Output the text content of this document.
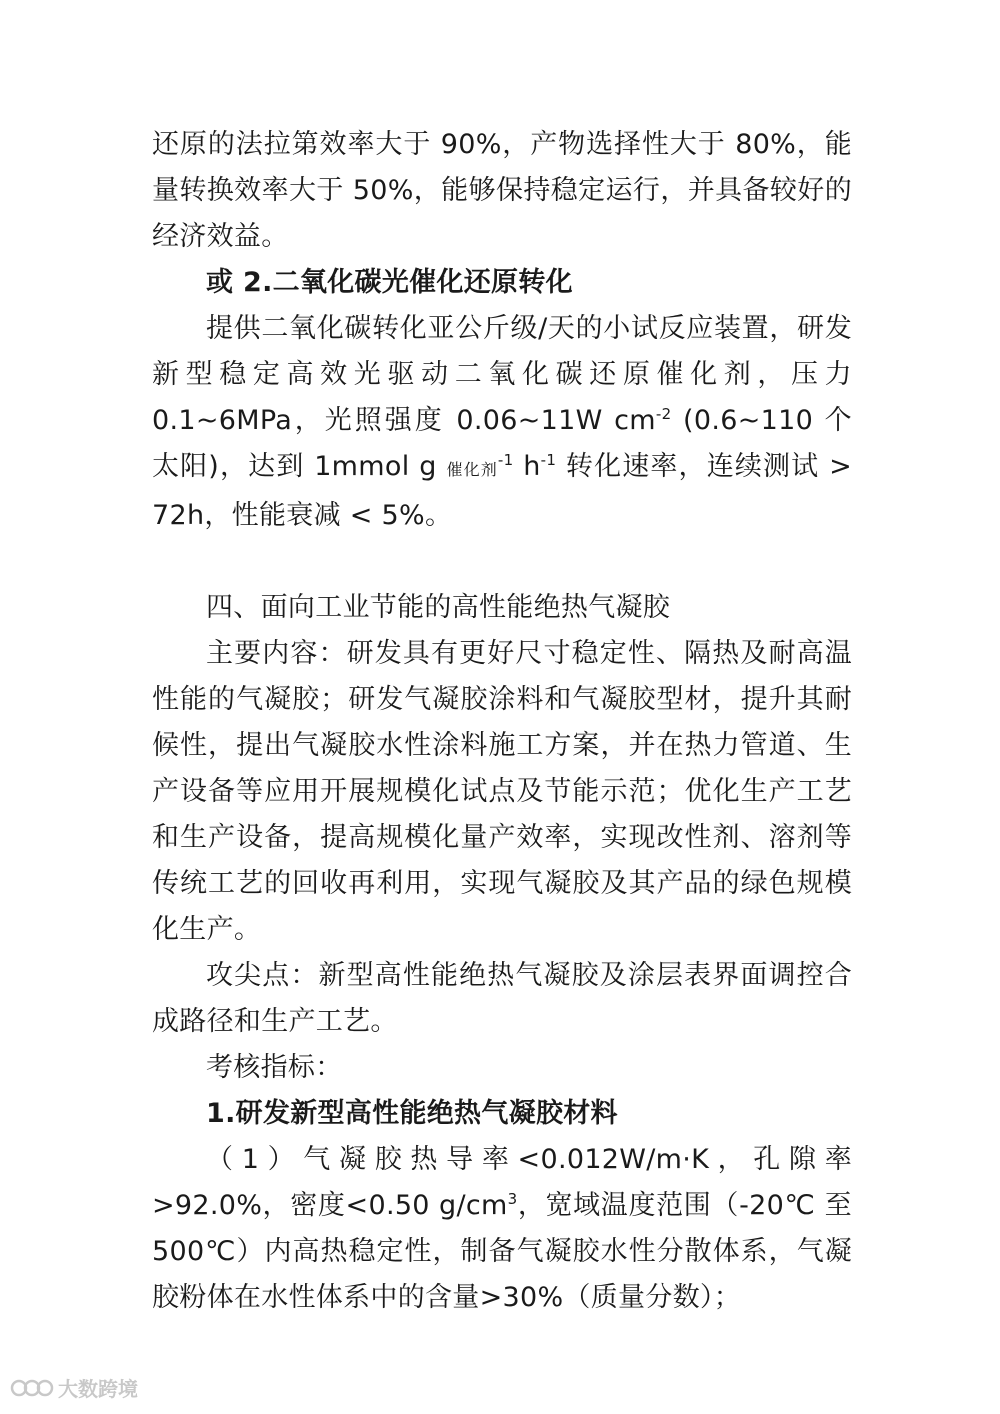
还原的法拉第效率大于 90%，产物选择性大于 80%，能量转换效率大于 50%，能够保持稳定运行，并具备较好的经济效益。

或 2.二氧化碳光催化还原转化

提供二氧化碳转化亚公斤级/天的小试反应装置，研发新型稳定高效光驱动二氧化碳还原催化剂，压力 0.1~6MPa，光照强度 0.06~11W $cm^{-2}$ (0.6~110 个太阳)，达到 1mmol g 催化剂$^{-1}$ $h^{-1}$ 转化速率，连续测试 > 72h，性能衰减 < 5%。

四、面向工业节能的高性能绝热气凝胶

主要内容：研发具有更好尺寸稳定性、隔热及耐高温性能的气凝胶；研发气凝胶涂料和气凝胶型材，提升其耐候性，提出气凝胶水性涂料施工方案，并在热力管道、生产设备等应用开展规模化试点及节能示范；优化生产工艺和生产设备，提高规模化量产效率，实现改性剂、溶剂等传统工艺的回收再利用，实现气凝胶及其产品的绿色规模化生产。

攻尖点：新型高性能绝热气凝胶及涂层表界面调控合成路径和生产工艺。

考核指标：

1.研发新型高性能绝热气凝胶材料

（1）气凝胶热导率<0.012W/m·K，孔隙率>92.0%，密度<0.50 $g/cm^3$，宽域温度范围（-20℃ 至 500℃）内高热稳定性，制备气凝胶水性分散体系，气凝胶粉体在水性体系中的含量>30%（质量分数）；

大数跨境
